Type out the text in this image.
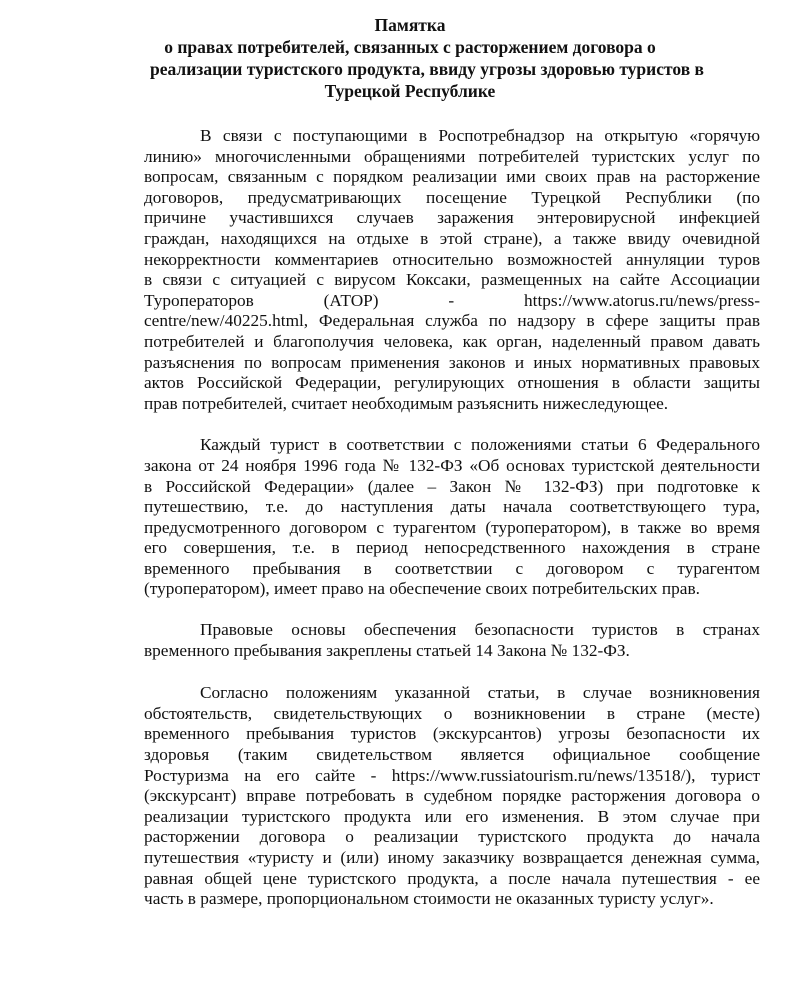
Памятка
о правах потребителей, связанных с расторжением договора о
реализации туристского продукта, ввиду угрозы здоровью туристов в
Турецкой Республике
В связи с поступающими в Роспотребнадзор на открытую «горячую
линию» многочисленными обращениями потребителей туристских услуг по
вопросам, связанным с порядком реализации ими своих прав на расторжение
договоров, предусматривающих посещение Турецкой Республики (по
причине участившихся случаев заражения энтеровирусной инфекцией
граждан, находящихся на отдыхе в этой стране), а также ввиду очевидной
некорректности комментариев относительно возможностей аннуляции туров
в связи с ситуацией с вирусом Коксаки, размещенных на сайте Ассоциации
Туроператоров (АТОР) - https://www.atorus.ru/news/press-
centre/new/40225.html, Федеральная служба по надзору в сфере защиты прав
потребителей и благополучия человека, как орган, наделенный правом давать
разъяснения по вопросам применения законов и иных нормативных правовых
актов Российской Федерации, регулирующих отношения в области защиты
прав потребителей, считает необходимым разъяснить нижеследующее.
Каждый турист в соответствии с положениями статьи 6 Федерального
закона от 24 ноября 1996 года № 132-ФЗ «Об основах туристской деятельности
в Российской Федерации» (далее – Закон № 132-ФЗ) при подготовке к
путешествию, т.е. до наступления даты начала соответствующего тура,
предусмотренного договором с турагентом (туроператором), в также во время
его совершения, т.е. в период непосредственного нахождения в стране
временного пребывания в соответствии с договором с турагентом
(туроператором), имеет право на обеспечение своих потребительских прав.
Правовые основы обеспечения безопасности туристов в странах
временного пребывания закреплены статьей 14 Закона № 132-ФЗ.
Согласно положениям указанной статьи, в случае возникновения
обстоятельств, свидетельствующих о возникновении в стране (месте)
временного пребывания туристов (экскурсантов) угрозы безопасности их
здоровья (таким свидетельством является официальное сообщение
Ростуризма на его сайте - https://www.russiatourism.ru/news/13518/), турист
(экскурсант) вправе потребовать в судебном порядке расторжения договора о
реализации туристского продукта или его изменения. В этом случае при
расторжении договора о реализации туристского продукта до начала
путешествия «туристу и (или) иному заказчику возвращается денежная сумма,
равная общей цене туристского продукта, а после начала путешествия - ее
часть в размере, пропорциональном стоимости не оказанных туристу услуг».
